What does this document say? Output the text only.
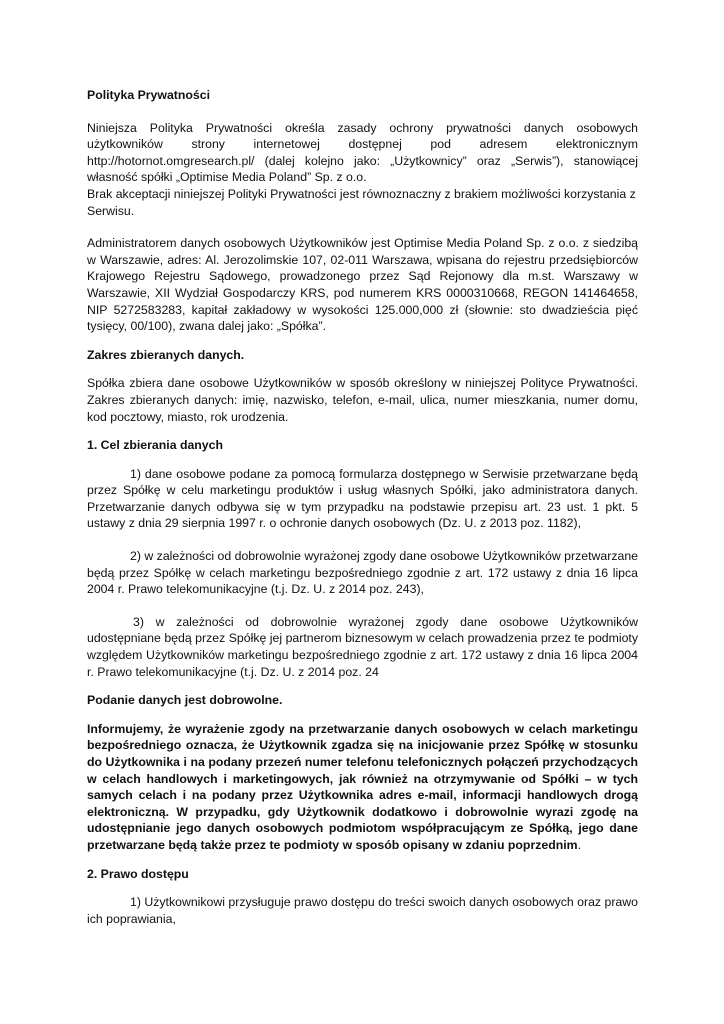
Polityka Prywatności

Niniejsza Polityka Prywatności określa zasady ochrony prywatności danych osobowych użytkowników strony internetowej dostępnej pod adresem elektronicznym http://hotornot.omgresearch.pl/ (dalej kolejno jako: „Użytkownicy” oraz „Serwis”), stanowiącej własność spółki „Optimise Media Poland” Sp. z o.o.

Brak akceptacji niniejszej Polityki Prywatności jest równoznaczny z brakiem możliwości korzystania z Serwisu.

Administratorem danych osobowych Użytkowników jest Optimise Media Poland Sp. z o.o. z siedzibą w Warszawie, adres: Al. Jerozolimskie 107, 02-011 Warszawa, wpisana do rejestru przedsiębiorców Krajowego Rejestru Sądowego, prowadzonego przez Sąd Rejonowy dla m.st. Warszawy w Warszawie, XII Wydział Gospodarczy KRS, pod numerem KRS 0000310668, REGON 141464658, NIP 5272583283, kapitał zakładowy w wysokości 125.000,000 zł (słownie: sto dwadzieścia pięć tysięcy, 00/100), zwana dalej jako: „Spółka”.

Zakres zbieranych danych.

Spółka zbiera dane osobowe Użytkowników w sposób określony w niniejszej Polityce Prywatności. Zakres zbieranych danych: imię, nazwisko, telefon, e-mail, ulica, numer mieszkania, numer domu, kod pocztowy, miasto, rok urodzenia.

1. Cel zbierania danych

1) dane osobowe podane za pomocą formularza dostępnego w Serwisie przetwarzane będą przez Spółkę w celu marketingu produktów i usług własnych Spółki, jako administratora danych. Przetwarzanie danych odbywa się w tym przypadku na podstawie przepisu art. 23 ust. 1 pkt. 5 ustawy z dnia 29 sierpnia 1997 r. o ochronie danych osobowych (Dz. U. z 2013 poz. 1182),

2) w zależności od dobrowolnie wyrażonej zgody dane osobowe Użytkowników przetwarzane będą przez Spółkę w celach marketingu bezpośredniego zgodnie z art. 172 ustawy z dnia 16 lipca 2004 r. Prawo telekomunikacyjne (t.j. Dz. U. z 2014 poz. 243),

3) w zależności od dobrowolnie wyrażonej zgody dane osobowe Użytkowników udostępniane będą przez Spółkę jej partnerom biznesowym w celach prowadzenia przez te podmioty względem Użytkowników marketingu bezpośredniego zgodnie z art. 172 ustawy z dnia 16 lipca 2004 r. Prawo telekomunikacyjne (t.j. Dz. U. z 2014 poz. 24

Podanie danych jest dobrowolne.

Informujemy, że wyrażenie zgody na przetwarzanie danych osobowych w celach marketingu bezpośredniego oznacza, że Użytkownik zgadza się na inicjowanie przez Spółkę w stosunku do Użytkownika i na podany przezeń numer telefonu telefonicznych połączeń przychodzących w celach handlowych i marketingowych, jak również na otrzymywanie od Spółki – w tych samych celach i na podany przez Użytkownika adres e-mail, informacji handlowych drogą elektroniczną. W przypadku, gdy Użytkownik dodatkowo i dobrowolnie wyrazi zgodę na udostępnianie jego danych osobowych podmiotom współpracującym ze Spółką, jego dane przetwarzane będą także przez te podmioty w sposób opisany w zdaniu poprzednim.

2. Prawo dostępu

1) Użytkownikowi przysługuje prawo dostępu do treści swoich danych osobowych oraz prawo ich poprawiania,
